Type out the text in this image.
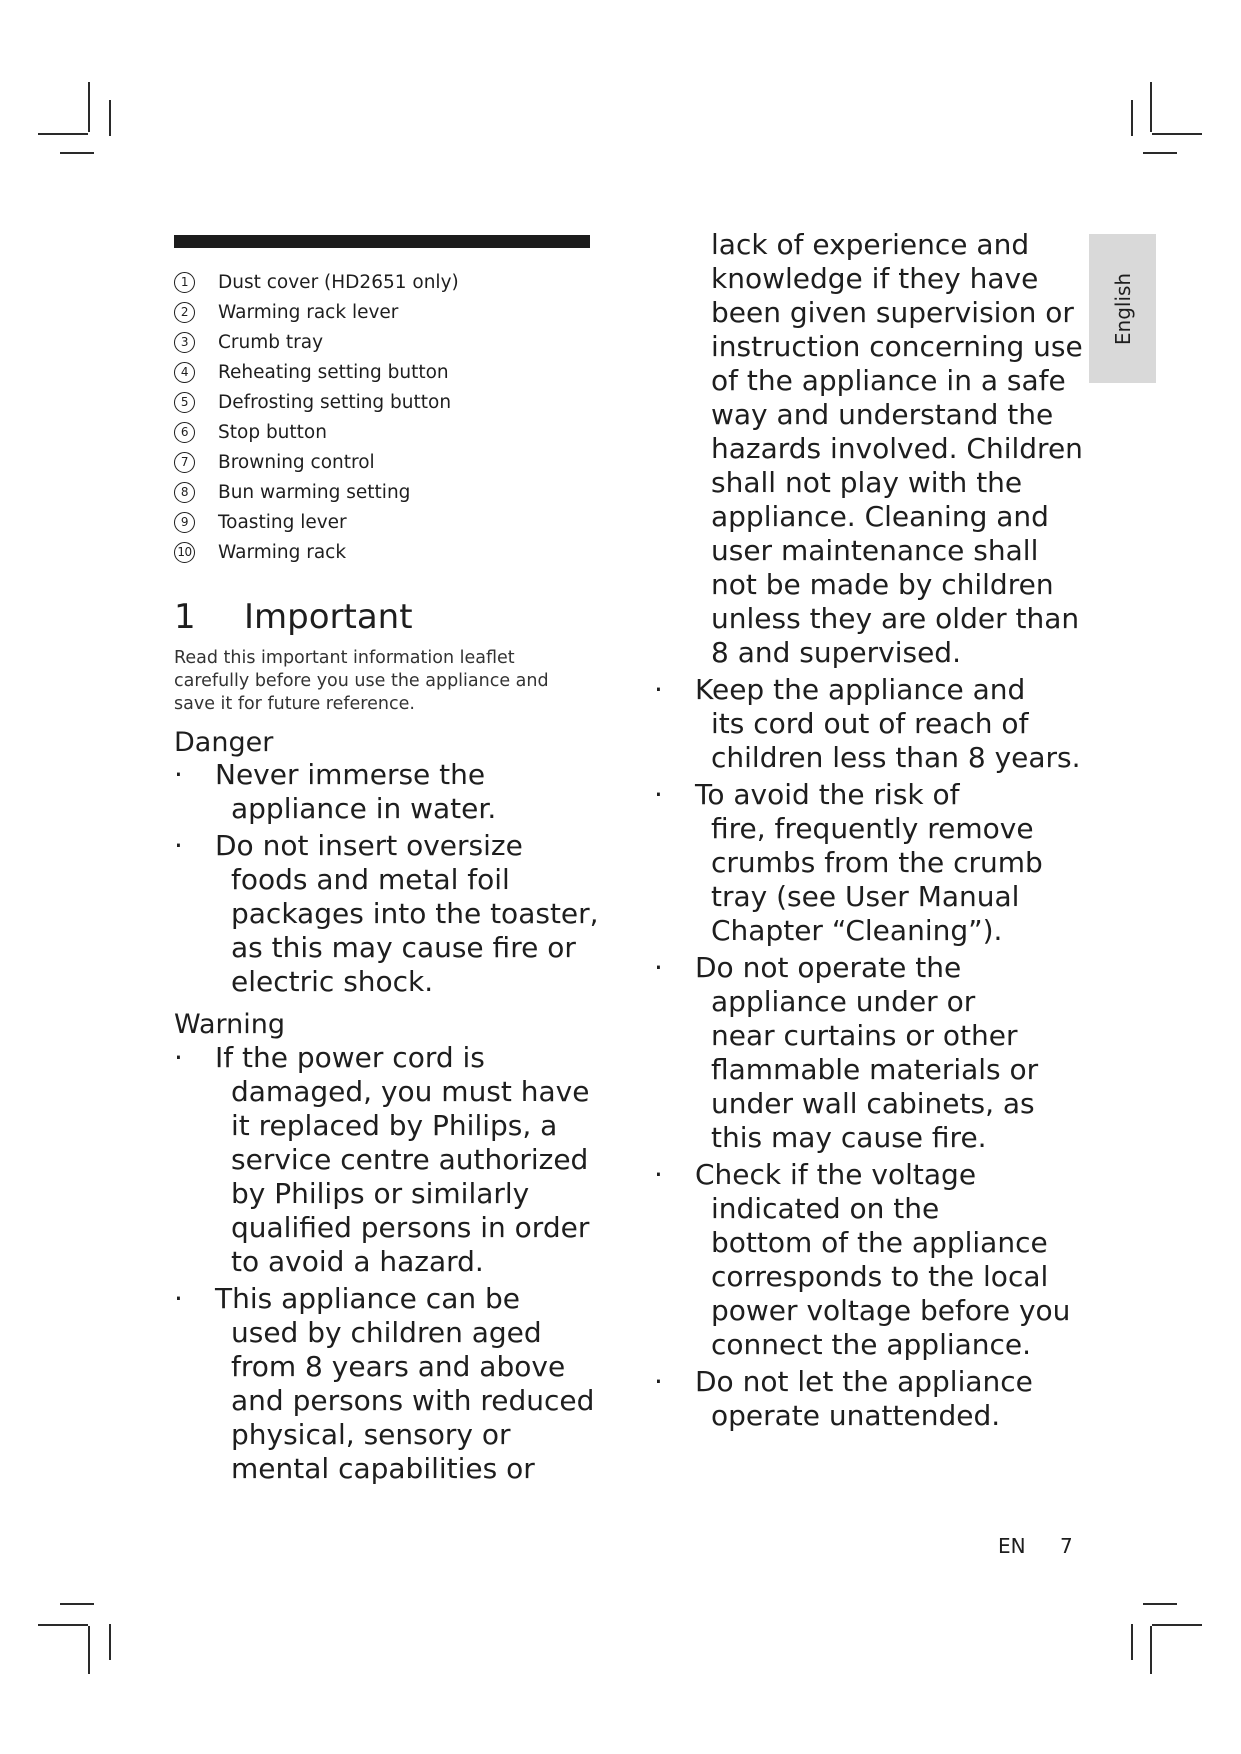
1	Dust cover (HD2651 only)
2	Warming rack lever
3	Crumb tray
4	Reheating setting button
5	Defrosting setting button
6	Stop button
7	Browning control
8	Bun warming setting
9	Toasting lever
10 Warming rack
1 Important
Read this important information leaflet
carefully before you use the appliance and
save it for future reference.
Danger
· Never immerse the
appliance in water.
· Do not insert oversize
foods and metal foil
packages into the toaster,
as this may cause fire or
electric shock.
Warning
· If the power cord is
damaged, you must have
it replaced by Philips, a
service centre authorized
by Philips or similarly
qualified persons in order
to avoid a hazard.
· This appliance can be
used by children aged
from 8 years and above
and persons with reduced
physical, sensory or
mental capabilities or
lack of experience and
knowledge if they have
been given supervision or
instruction concerning use
of the appliance in a safe
way and understand the
hazards involved. Children
shall not play with the
appliance. Cleaning and
user maintenance shall
not be made by children
unless they are older than
8 and supervised.
· Keep the appliance and
its cord out of reach of
children less than 8 years.
· To avoid the risk of
fire, frequently remove
crumbs from the crumb
tray (see User Manual
Chapter “Cleaning”).
· Do not operate the
appliance under or
near curtains or other
flammable materials or
under wall cabinets, as
this may cause fire.
· Check if the voltage
indicated on the
bottom of the appliance
corresponds to the local
power voltage before you
connect the appliance.
· Do not let the appliance
operate unattended.
English
EN 7
